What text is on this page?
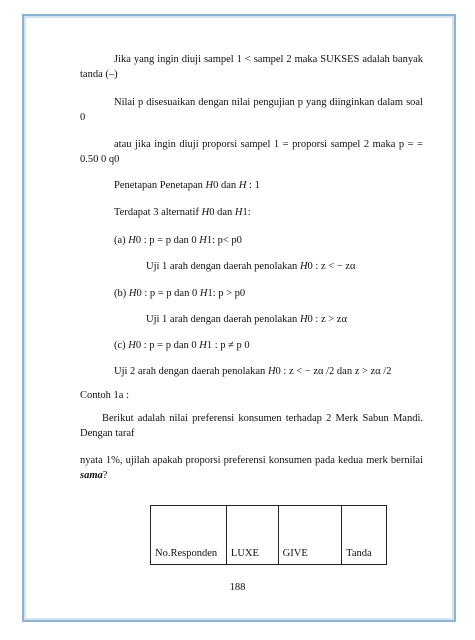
Jika yang ingin diuji sampel 1 < sampel 2 maka SUKSES adalah banyak tanda (–)
Nilai p disesuaikan dengan nilai pengujian p yang diinginkan dalam soal 0
atau jika ingin diuji proporsi sampel 1 = proporsi sampel 2 maka p = = 0.50 0 q0
Penetapan Penetapan H0 dan H : 1
Terdapat 3 alternatif H0 dan H1:
(a) H0 : p = p dan 0 H1: p< p0
Uji 1 arah dengan daerah penolakan H0 : z < − zα
(b) H0 : p = p dan 0 H1: p > p0
Uji 1 arah dengan daerah penolakan H0 : z > zα
(c) H0 : p = p dan 0 H1 : p ≠ p 0
Uji 2 arah dengan daerah penolakan H0 : z < − zα /2 dan z > zα /2
Contoh 1a :
Berikut adalah nilai preferensi konsumen terhadap 2 Merk Sabun Mandi. Dengan taraf
nyata 1%, ujilah apakah proporsi preferensi konsumen pada kedua merk bernilai sama?
No.Responden	LUXE	GIVE	Tanda
188
